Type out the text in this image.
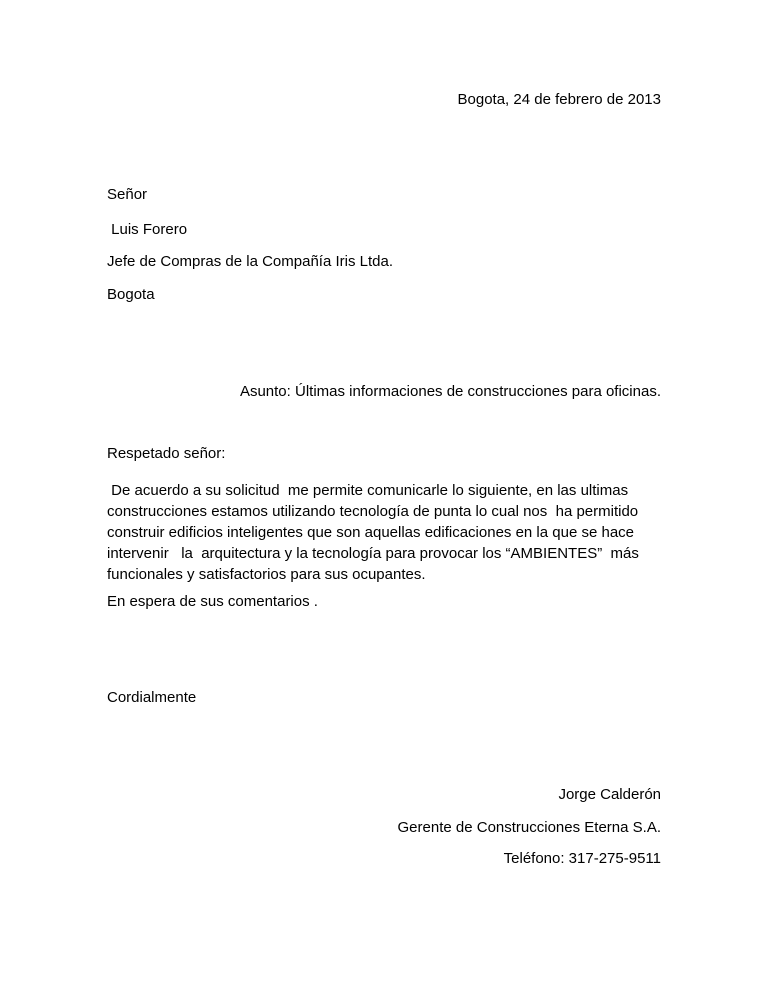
Bogota, 24 de febrero de 2013
Señor
Luis Forero
Jefe de Compras de la Compañía Iris Ltda.
Bogota
Asunto: Últimas informaciones de construcciones para oficinas.
Respetado señor:

De acuerdo a su solicitud  me permite comunicarle lo siguiente, en las ultimas

construcciones estamos utilizando tecnología de punta lo cual nos  ha permitido

construir edificios inteligentes que son aquellas edificaciones en la que se hace

intervenir   la  arquitectura y la tecnología para provocar los “AMBIENTES”  más

funcionales y satisfactorios para sus ocupantes.

En espera de sus comentarios .
Cordialmente
Jorge Calderón
Gerente de Construcciones Eterna S.A.
Teléfono: 317-275-9511
